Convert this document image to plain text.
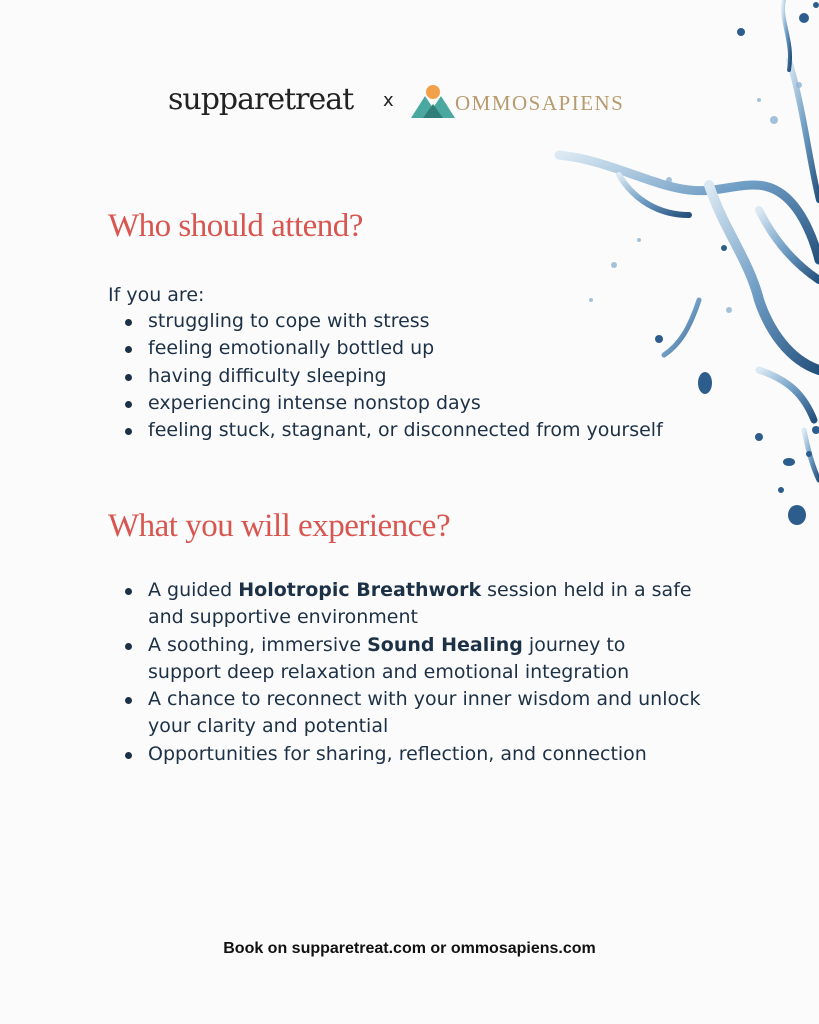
supparetreat x	OMMOSAPIENS
Who should attend?
If you are:
struggling to cope with stress
feeling emotionally bottled up
having difficulty sleeping
experiencing intense nonstop days
feeling stuck, stagnant, or disconnected from yourself
What you will experience?
A guided Holotropic Breathwork session held in a safe and supportive environment
A soothing, immersive Sound Healing journey to support deep relaxation and emotional integration
A chance to reconnect with your inner wisdom and unlock your clarity and potential
Opportunities for sharing, reflection, and connection
Book on supparetreat.com or ommosapiens.com
